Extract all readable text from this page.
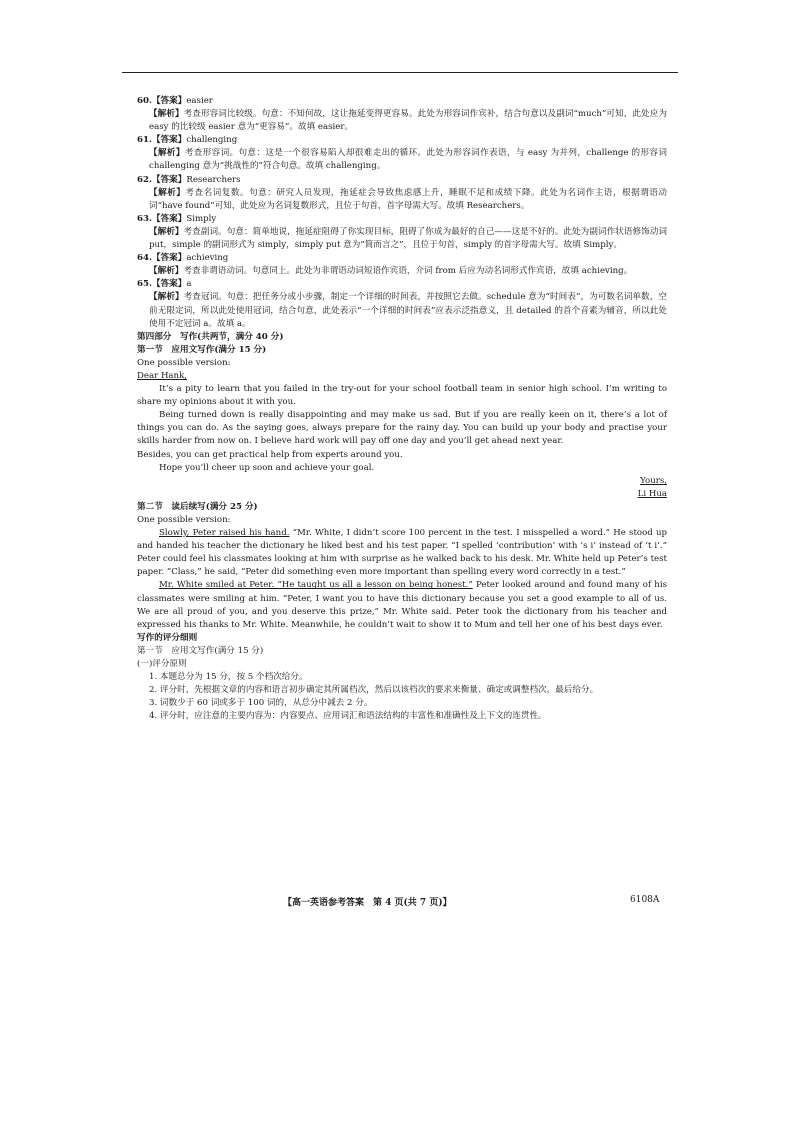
60.【答案】easier

【解析】考查形容词比较级。句意：不知何故，这让拖延变得更容易。此处为形容词作宾补，结合句意以及副词“much”可知，此处应为 easy 的比较级 easier 意为“更容易”。故填 easier。

61.【答案】challenging

【解析】考查形容词。句意：这是一个很容易陷入却很难走出的循环。此处为形容词作表语，与 easy 为并列，challenge 的形容词 challenging 意为“挑战性的”符合句意。故填 challenging。

62.【答案】Researchers

【解析】考查名词复数。句意：研究人员发现，拖延症会导致焦虑感上升，睡眠不足和成绩下降。此处为名词作主语，根据谓语动词“have found”可知，此处应为名词复数形式，且位于句首，首字母需大写。故填 Researchers。

63.【答案】Simply

【解析】考查副词。句意：简单地说，拖延症阻碍了你实现目标，阻碍了你成为最好的自己——这是不好的。此处为副词作状语修饰动词 put，simple 的副词形式为 simply，simply put 意为“简而言之”，且位于句首，simply 的首字母需大写。故填 Simply。

64.【答案】achieving

【解析】考查非谓语动词。句意同上。此处为非谓语动词短语作宾语，介词 from 后应为动名词形式作宾语，故填 achieving。

65.【答案】a

【解析】考查冠词。句意：把任务分成小步骤，制定一个详细的时间表，并按照它去做。schedule 意为“时间表”，为可数名词单数，空前无限定词，所以此处使用冠词，结合句意，此处表示“一个详细的时间表”应表示泛指意义，且 detailed 的首个音素为辅音，所以此处使用不定冠词 a。故填 a。

第四部分　写作(共两节，满分 40 分)

第一节　应用文写作(满分 15 分)

One possible version:

Dear Hank,

It’s a pity to learn that you failed in the try-out for your school football team in senior high school. I’m writing to share my opinions about it with you.

Being turned down is really disappointing and may make us sad. But if you are really keen on it, there’s a lot of things you can do. As the saying goes, always prepare for the rainy day. You can build up your body and practise your skills harder from now on. I believe hard work will pay off one day and you’ll get ahead next year.

Besides, you can get practical help from experts around you.

Hope you’ll cheer up soon and achieve your goal.

Yours,

Li Hua

第二节　读后续写(满分 25 分)

One possible version:

Slowly, Peter raised his hand. “Mr. White, I didn’t score 100 percent in the test. I misspelled a word.” He stood up and handed his teacher the dictionary he liked best and his test paper. “I spelled ‘contribution’ with ‘s i’ instead of ‘t i’.” Peter could feel his classmates looking at him with surprise as he walked back to his desk. Mr. White held up Peter’s test paper. “Class,” he said, “Peter did something even more important than spelling every word correctly in a test.”

Mr. White smiled at Peter. “He taught us all a lesson on being honest.” Peter looked around and found many of his classmates were smiling at him. “Peter, I want you to have this dictionary because you set a good example to all of us. We are all proud of you, and you deserve this prize,” Mr. White said. Peter took the dictionary from his teacher and expressed his thanks to Mr. White. Meanwhile, he couldn’t wait to show it to Mum and tell her one of his best days ever.

写作的评分细则

第一节　应用文写作(满分 15 分)

(一)评分原则

1. 本题总分为 15 分，按 5 个档次给分。

2. 评分时，先根据文章的内容和语言初步确定其所属档次，然后以该档次的要求来衡量、确定或调整档次，最后给分。

3. 词数少于 60 词或多于 100 词的，从总分中减去 2 分。

4. 评分时，应注意的主要内容为：内容要点、应用词汇和语法结构的丰富性和准确性及上下文的连贯性。

【高一英语参考答案　第 4 页(共 7 页)】	6108A
